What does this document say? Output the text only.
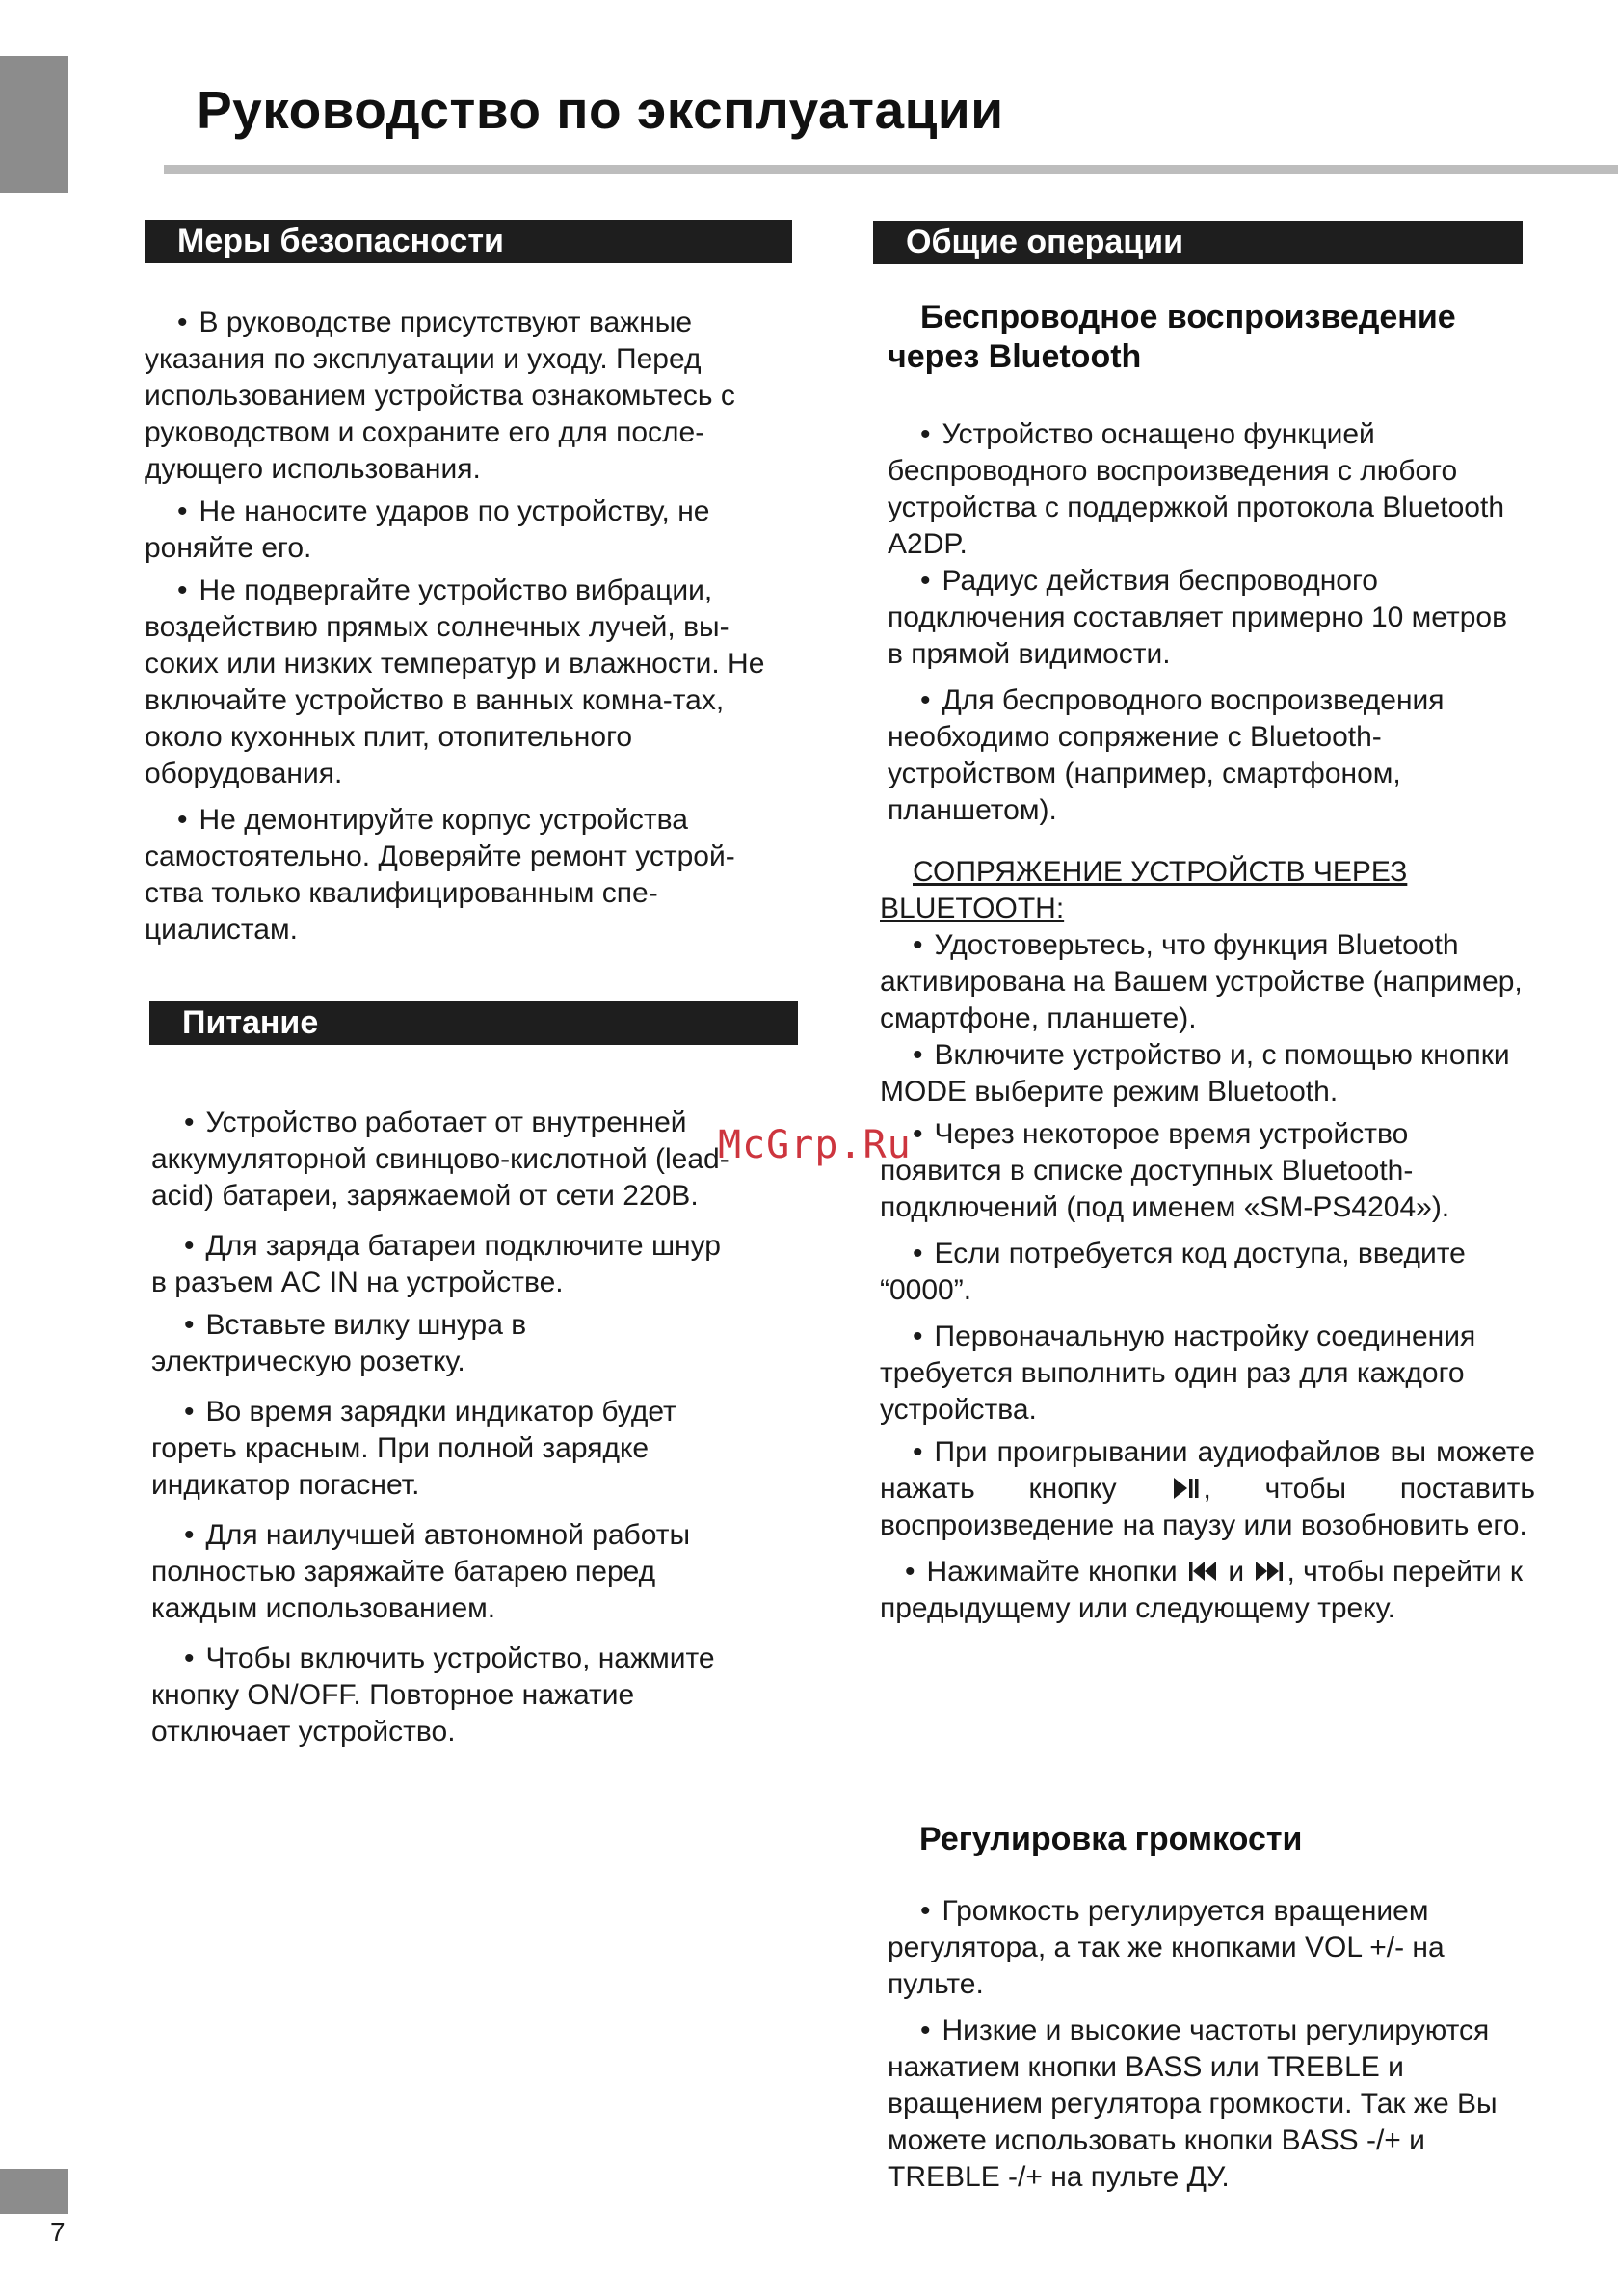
7
Руководство по эксплуатации
Меры безопасности

• В руководстве присутствуют важные указания по эксплуатации и уходу. Перед использованием устройства ознакомьтесь с руководством и сохраните его для после-дующего использования.

• Не наносите ударов по устройству, не роняйте его.

• Не подвергайте устройство вибрации, воздействию прямых солнечных лучей, вы-соких или низких температур и влажности. Не включайте устройство в ванных комна-тах, около кухонных плит, отопительного оборудования.

• Не демонтируйте корпус устройства самостоятельно. Доверяйте ремонт устрой-ства только квалифицированным спе-циалистам.

Питание

• Устройство работает от внутренней аккумуляторной свинцово-кислотной (lead-acid) батареи, заряжаемой от сети 220В.

• Для заряда батареи подключите шнур в разъем AC IN на устройстве.

• Вставьте вилку шнура в электрическую розетку.

• Во время зарядки индикатор будет гореть красным. При полной зарядке индикатор погаснет.

• Для наилучшей автономной работы полностью заряжайте батарею перед каждым использованием.

• Чтобы включить устройство, нажмите кнопку ON/OFF. Повторное нажатие отключает устройство.

Общие операции
Беспроводное воспроизведение через Bluetooth

• Устройство оснащено функцией беспроводного воспроизведения с любого устройства с поддержкой протокола Bluetooth A2DP.

• Радиус действия беспроводного подключения составляет примерно 10 метров в прямой видимости.

• Для беспроводного воспроизведения необходимо сопряжение с Bluetooth-устройством (например, смартфоном, планшетом).

СОПРЯЖЕНИЕ УСТРОЙСТВ ЧЕРЕЗ BLUETOOTH:

• Удостоверьтесь, что функция Bluetooth активирована на Вашем устройстве (например, смартфоне, планшете).

• Включите устройство и, с помощью кнопки MODE выберите режим Bluetooth.

• Через некоторое время устройство появится в списке доступных Bluetooth-подключений (под именем «SM-PS4204»).

• Если потребуется код доступа, введите “0000”.

• Первоначальную настройку соединения требуется выполнить один раз для каждого устройства.

• При проигрывании аудиофайлов вы можете нажать кнопку	, чтобы поставить воспроизведение на паузу или возобновить его.

• Нажимайте кнопки и , чтобы перейти к предыдущему или следующему треку.

Регулировка громкости

• Громкость регулируется вращением регулятора, а так же кнопками VOL +/- на пульте.

• Низкие и высокие частоты регулируются нажатием кнопки BASS или TREBLE и вращением регулятора громкости. Так же Вы можете использовать кнопки BASS -/+ и TREBLE -/+ на пульте ДУ.

McGrp.Ru
